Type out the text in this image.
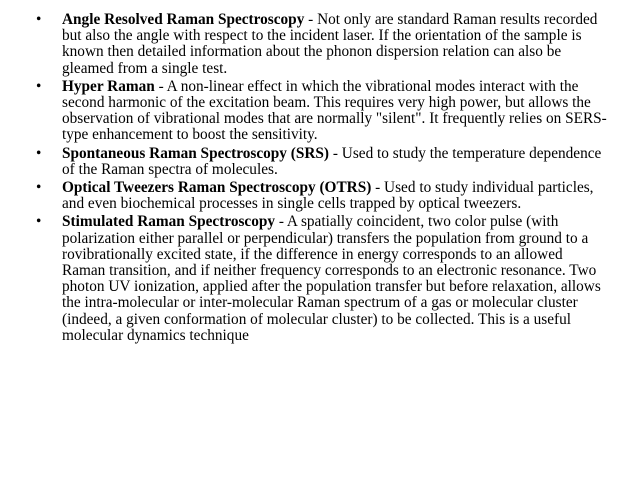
• Angle Resolved Raman Spectroscopy - Not only are standard Raman results recorded but also the angle with respect to the incident laser. If the orientation of the sample is known then detailed information about the phonon dispersion relation can also be gleamed from a single test.
• Hyper Raman - A non-linear effect in which the vibrational modes interact with the second harmonic of the excitation beam. This requires very high power, but allows the observation of vibrational modes that are normally "silent". It frequently relies on SERS-type enhancement to boost the sensitivity.
• Spontaneous Raman Spectroscopy (SRS) - Used to study the temperature dependence of the Raman spectra of molecules.
• Optical Tweezers Raman Spectroscopy (OTRS) - Used to study individual particles, and even biochemical processes in single cells trapped by optical tweezers.
• Stimulated Raman Spectroscopy - A spatially coincident, two color pulse (with polarization either parallel or perpendicular) transfers the population from ground to a rovibrationally excited state, if the difference in energy corresponds to an allowed Raman transition, and if neither frequency corresponds to an electronic resonance. Two photon UV ionization, applied after the population transfer but before relaxation, allows the intra-molecular or inter-molecular Raman spectrum of a gas or molecular cluster (indeed, a given conformation of molecular cluster) to be collected. This is a useful molecular dynamics technique
